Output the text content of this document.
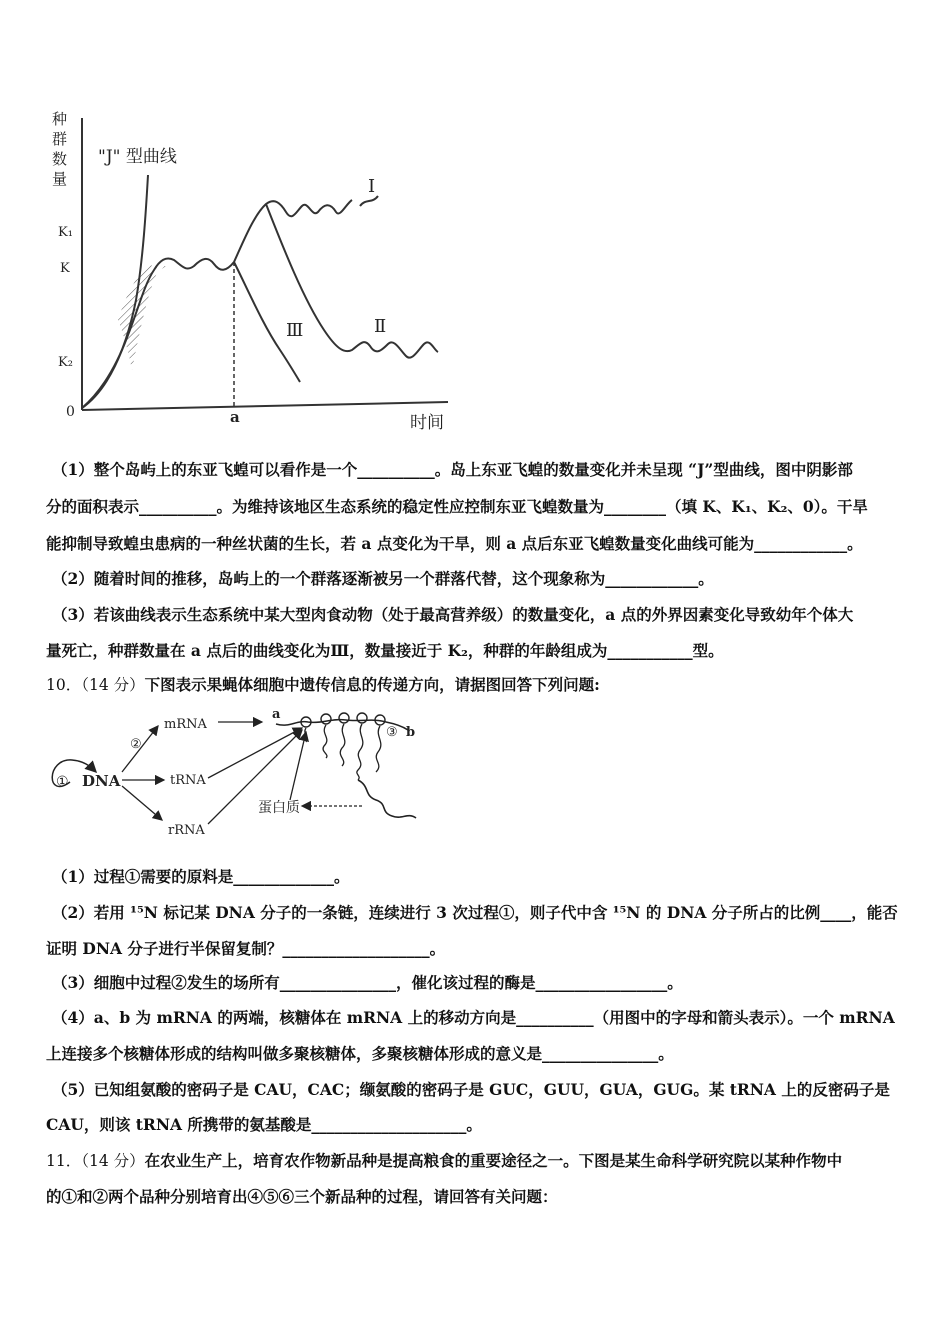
种
群
数
量
K₁
K
K₂
0	a	时间
"J" 型曲线
Ⅰ
Ⅱ
Ⅲ
（1）整个岛屿上的东亚飞蝗可以看作是一个__________。岛上东亚飞蝗的数量变化并未呈现 “J”型曲线，图中阴影部
分的面积表示__________。为维持该地区生态系统的稳定性应控制东亚飞蝗数量为________（填 K、K₁、K₂、0）。干旱
能抑制导致蝗虫患病的一种丝状菌的生长，若 a 点变化为干旱，则 a 点后东亚飞蝗数量变化曲线可能为____________。
（2）随着时间的推移，岛屿上的一个群落逐渐被另一个群落代替，这个现象称为____________。
（3）若该曲线表示生态系统中某大型肉食动物（处于最高营养级）的数量变化，a 点的外界因素变化导致幼年个体大
量死亡，种群数量在 a 点后的曲线变化为Ⅲ，数量接近于 K₂，种群的年龄组成为___________型。
10．（14 分）下图表示果蝇体细胞中遗传信息的传递方向，请据图回答下列问题:
① DNA
②
mRNA
tRNA
rRNA
a
③ b
蛋白质
（1）过程①需要的原料是_____________。
（2）若用 ¹⁵N 标记某 DNA 分子的一条链，连续进行 3 次过程①，则子代中含 ¹⁵N 的 DNA 分子所占的比例____，能否
证明 DNA 分子进行半保留复制？___________________。
（3）细胞中过程②发生的场所有_______________，催化该过程的酶是_________________。
（4）a、b 为 mRNA 的两端，核糖体在 mRNA 上的移动方向是__________（用图中的字母和箭头表示）。一个 mRNA
上连接多个核糖体形成的结构叫做多聚核糖体，多聚核糖体形成的意义是_______________。
（5）已知组氨酸的密码子是 CAU，CAC；缬氨酸的密码子是 GUC，GUU，GUA，GUG。某 tRNA 上的反密码子是
CAU，则该 tRNA 所携带的氨基酸是____________________。
11．（14 分）在农业生产上，培育农作物新品种是提高粮食的重要途径之一。下图是某生命科学研究院以某种作物中
的①和②两个品种分别培育出④⑤⑥三个新品种的过程，请回答有关问题：
